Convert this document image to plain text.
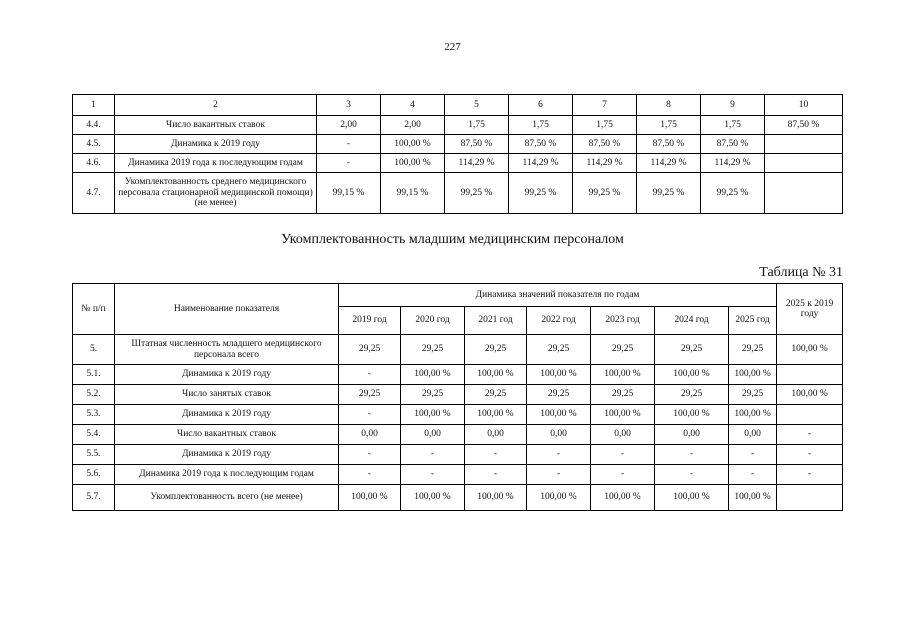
227
1	2	3	4	5	6	7	8	9	10
4.4.	Число вакантных ставок	2,00	2,00	1,75	1,75	1,75	1,75	1,75	87,50 %
4.5.	Динамика к 2019 году	-	100,00 %	87,50 %	87,50 %	87,50 %	87,50 %	87,50 %	
4.6.	Динамика 2019 года к последующим годам	-	100,00 %	114,29 %	114,29 %	114,29 %	114,29 %	114,29 %	
4.7.	Укомплектованность среднего медицинского персонала стационарной медицинской помощи) (не менее)	99,15 %	99,15 %	99,25 %	99,25 %	99,25 %	99,25 %	99,25 %	
Укомплектованность младшим медицинским персоналом
Таблица № 31
№ п/п	Наименование показателя	Динамика значений показателя по годам							2025 к 2019 году
		2019 год	2020 год	2021 год	2022 год	2023 год	2024 год	2025 год	
5.	Штатная численность младшего медицинского персонала всего	29,25	29,25	29,25	29,25	29,25	29,25	29,25	100,00 %
5.1.	Динамика к 2019 году	-	100,00 %	100,00 %	100,00 %	100,00 %	100,00 %	100,00 %	
5.2.	Число занятых ставок	29,25	29,25	29,25	29,25	29,25	29,25	29,25	100,00 %
5.3.	Динамика к 2019 году	-	100,00 %	100,00 %	100,00 %	100,00 %	100,00 %	100,00 %	
5.4.	Число вакантных ставок	0,00	0,00	0,00	0,00	0,00	0,00	0,00	-
5.5.	Динамика к 2019 году	-	-	-	-	-	-	-	-
5.6.	Динамика 2019 года к последующим годам	-	-	-	-	-	-	-	-
5.7.	Укомплектованность всего (не менее)	100,00 %	100,00 %	100,00 %	100,00 %	100,00 %	100,00 %	100,00 %	
